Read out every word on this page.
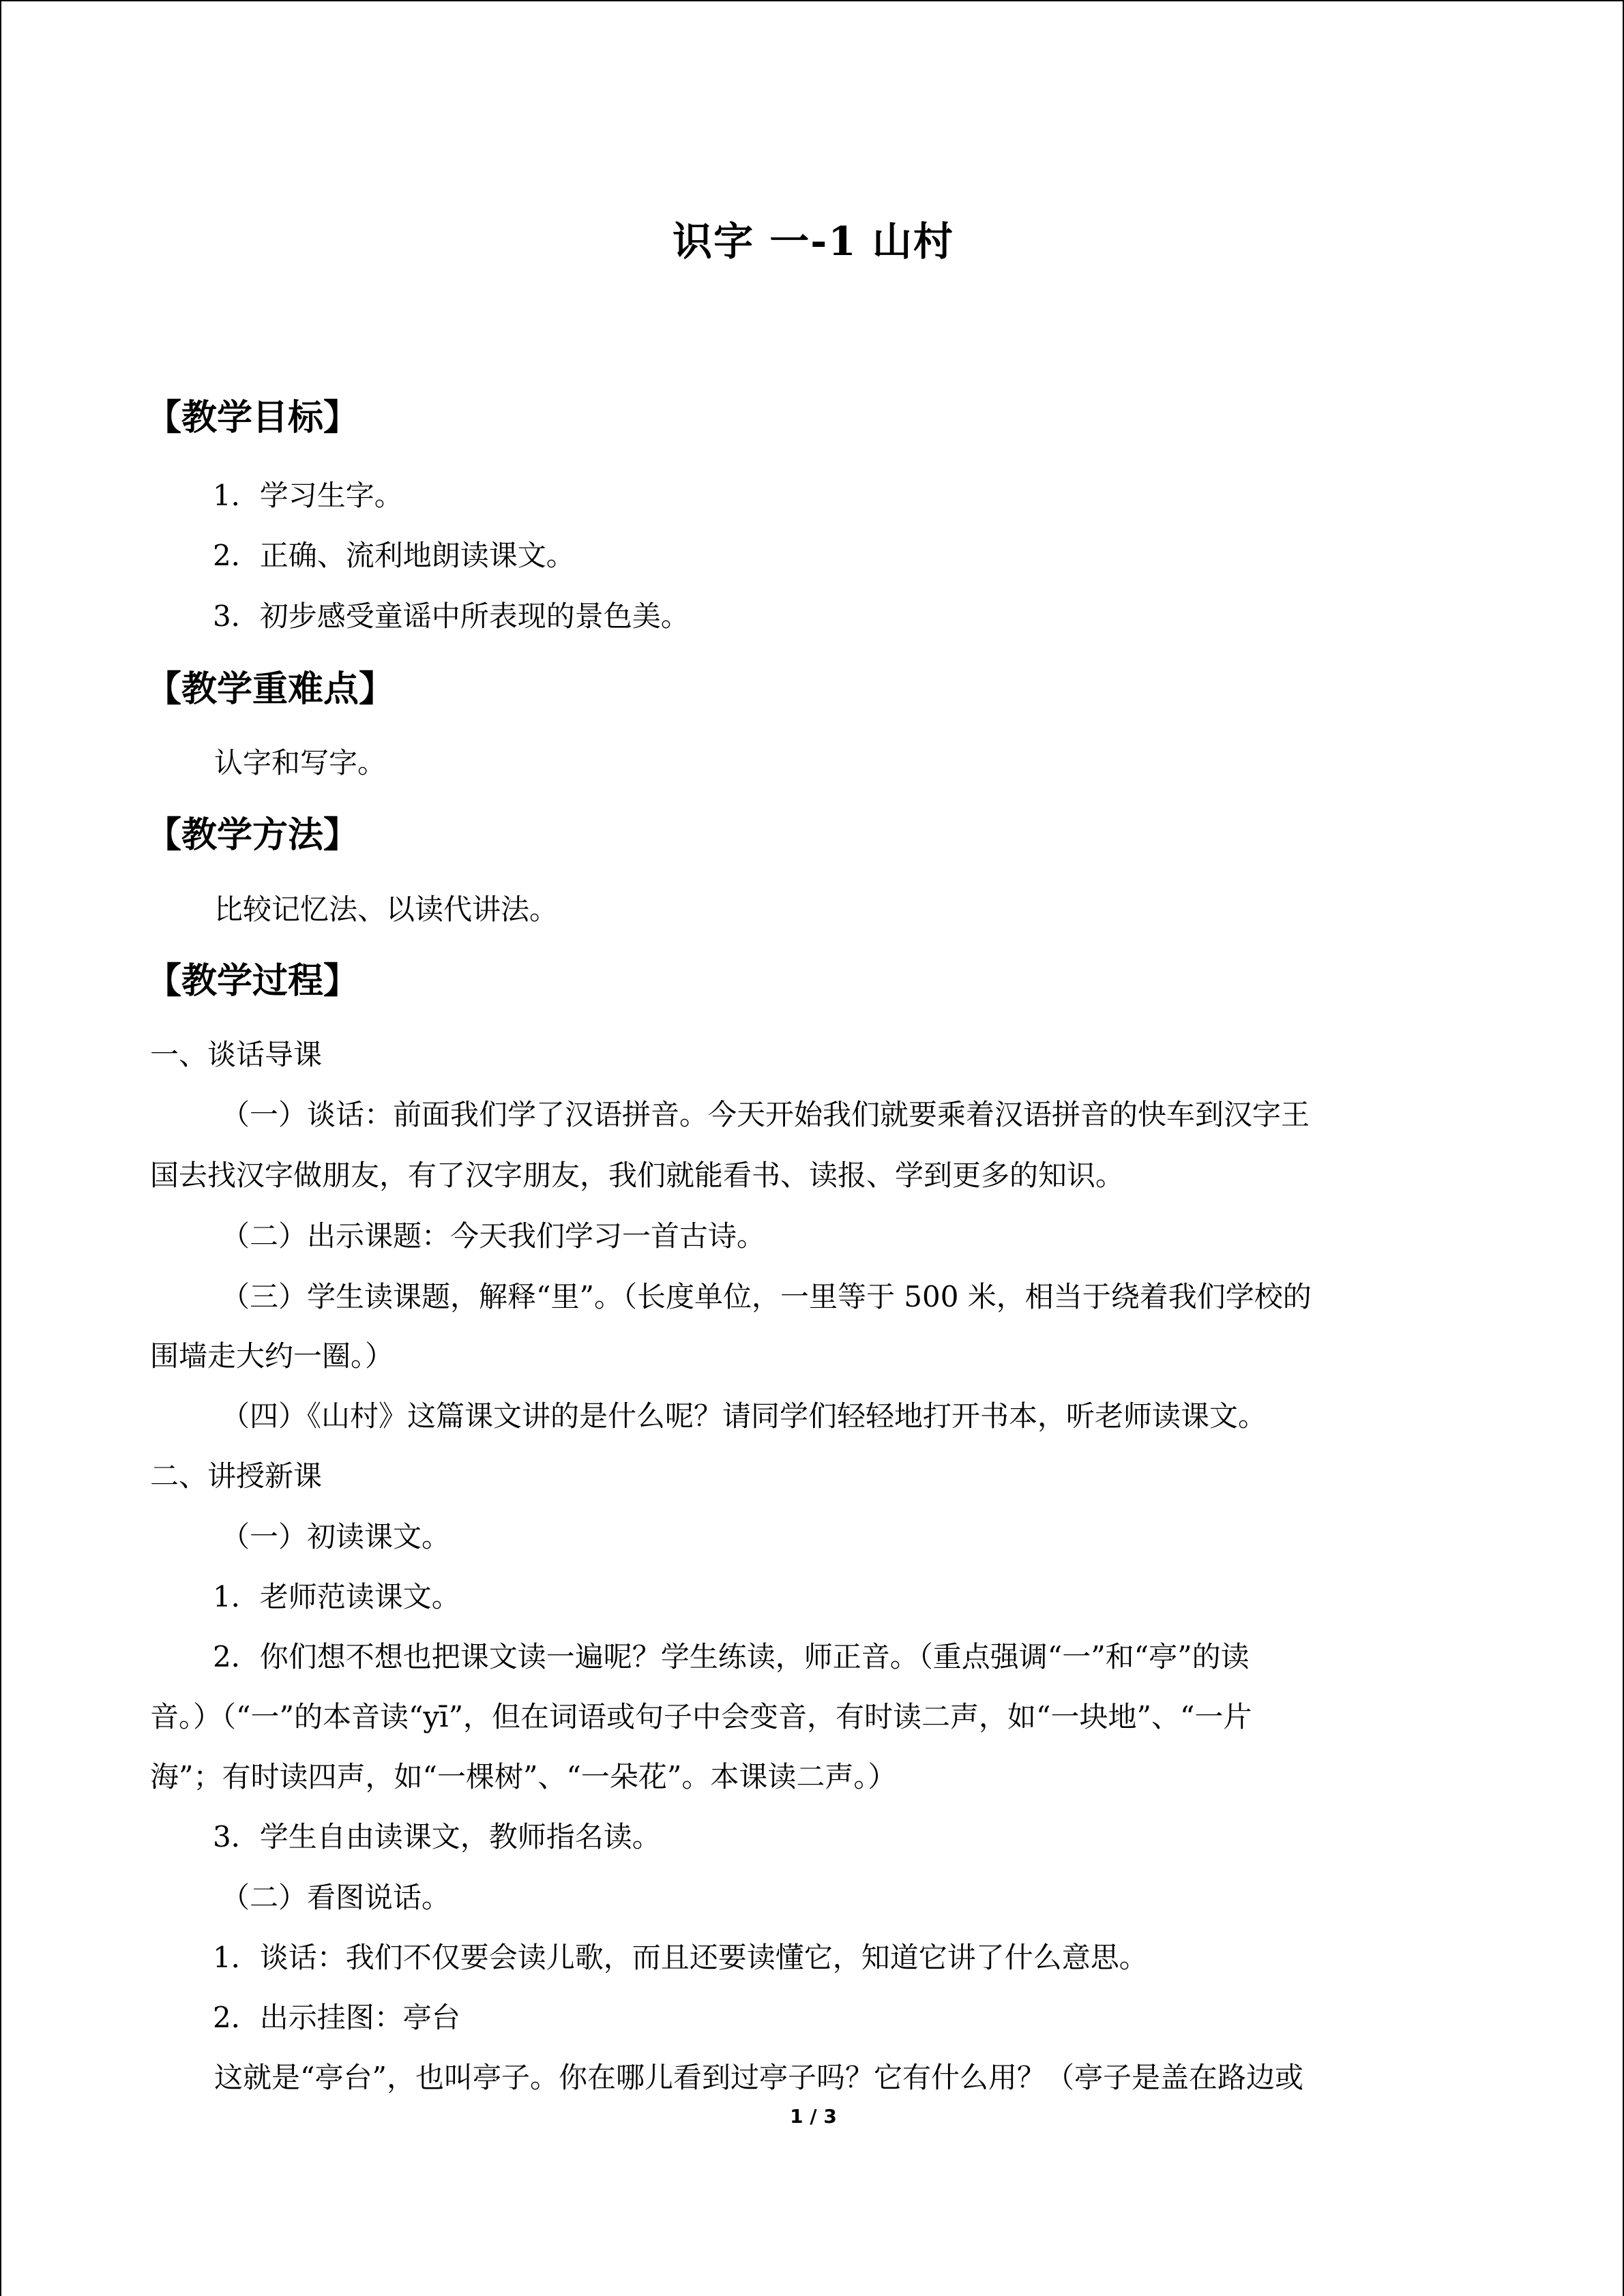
识字 一-1 山村
【教学目标】
1．学习生字。
2．正确、流利地朗读课文。
3．初步感受童谣中所表现的景色美。
【教学重难点】
认字和写字。
【教学方法】
比较记忆法、以读代讲法。
【教学过程】
一、谈话导课
（一）谈话：前面我们学了汉语拼音。今天开始我们就要乘着汉语拼音的快车到汉字王
国去找汉字做朋友，有了汉字朋友，我们就能看书、读报、学到更多的知识。
（二）出示课题：今天我们学习一首古诗。
（三）学生读课题，解释“里”。（长度单位，一里等于 500 米，相当于绕着我们学校的
围墙走大约一圈。）
（四）《山村》这篇课文讲的是什么呢？请同学们轻轻地打开书本，听老师读课文。
二、讲授新课
（一）初读课文。
1．老师范读课文。
2．你们想不想也把课文读一遍呢？学生练读，师正音。（重点强调“一”和“亭”的读
音。）（“一”的本音读“yī”，但在词语或句子中会变音，有时读二声，如“一块地”、“一片
海”；有时读四声，如“一棵树”、“一朵花”。本课读二声。）
3．学生自由读课文，教师指名读。
（二）看图说话。
1．谈话：我们不仅要会读儿歌，而且还要读懂它，知道它讲了什么意思。
2．出示挂图：亭台
这就是“亭台”，也叫亭子。你在哪儿看到过亭子吗？它有什么用？（亭子是盖在路边或
1 / 3
